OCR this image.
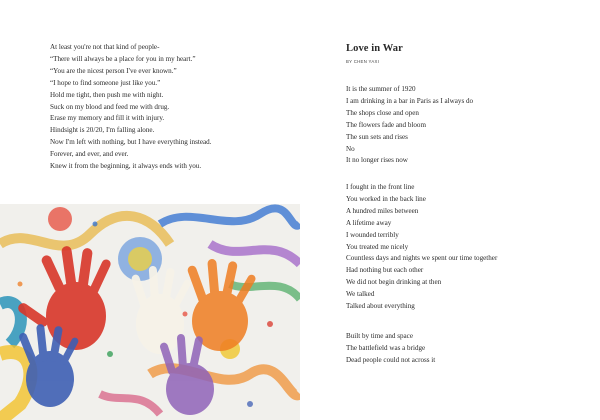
At least you're not that kind of people-

“There will always be a place for you in my heart.”

“You are the nicest person I've ever known.”

“I hope to find someone just like you.”

Hold me tight, then push me with night.

Suck on my blood and feed me with drug.

Erase my memory and fill it with injury.

Hindsight is 20/20, I'm falling alone.

Now I'm left with nothing, but I have everything instead.

Forever, and ever, and ever.

Knew it from the beginning, it always ends with you.

Love in War
BY CHEN YAXI

It is the summer of 1920

I am drinking in a bar in Paris as I always do

The shops close and open

The flowers fade and bloom

The sun sets and rises

No

It no longer rises now

I fought in the front line

You worked in the back line

A hundred miles between

A lifetime away

I wounded terribly

You treated me nicely

Countless days and nights we spent our time together

Had nothing but each other

We did not begin drinking at then

We talked

Talked about everything

Built by time and space

The battlefield was a bridge

Dead people could not across it
